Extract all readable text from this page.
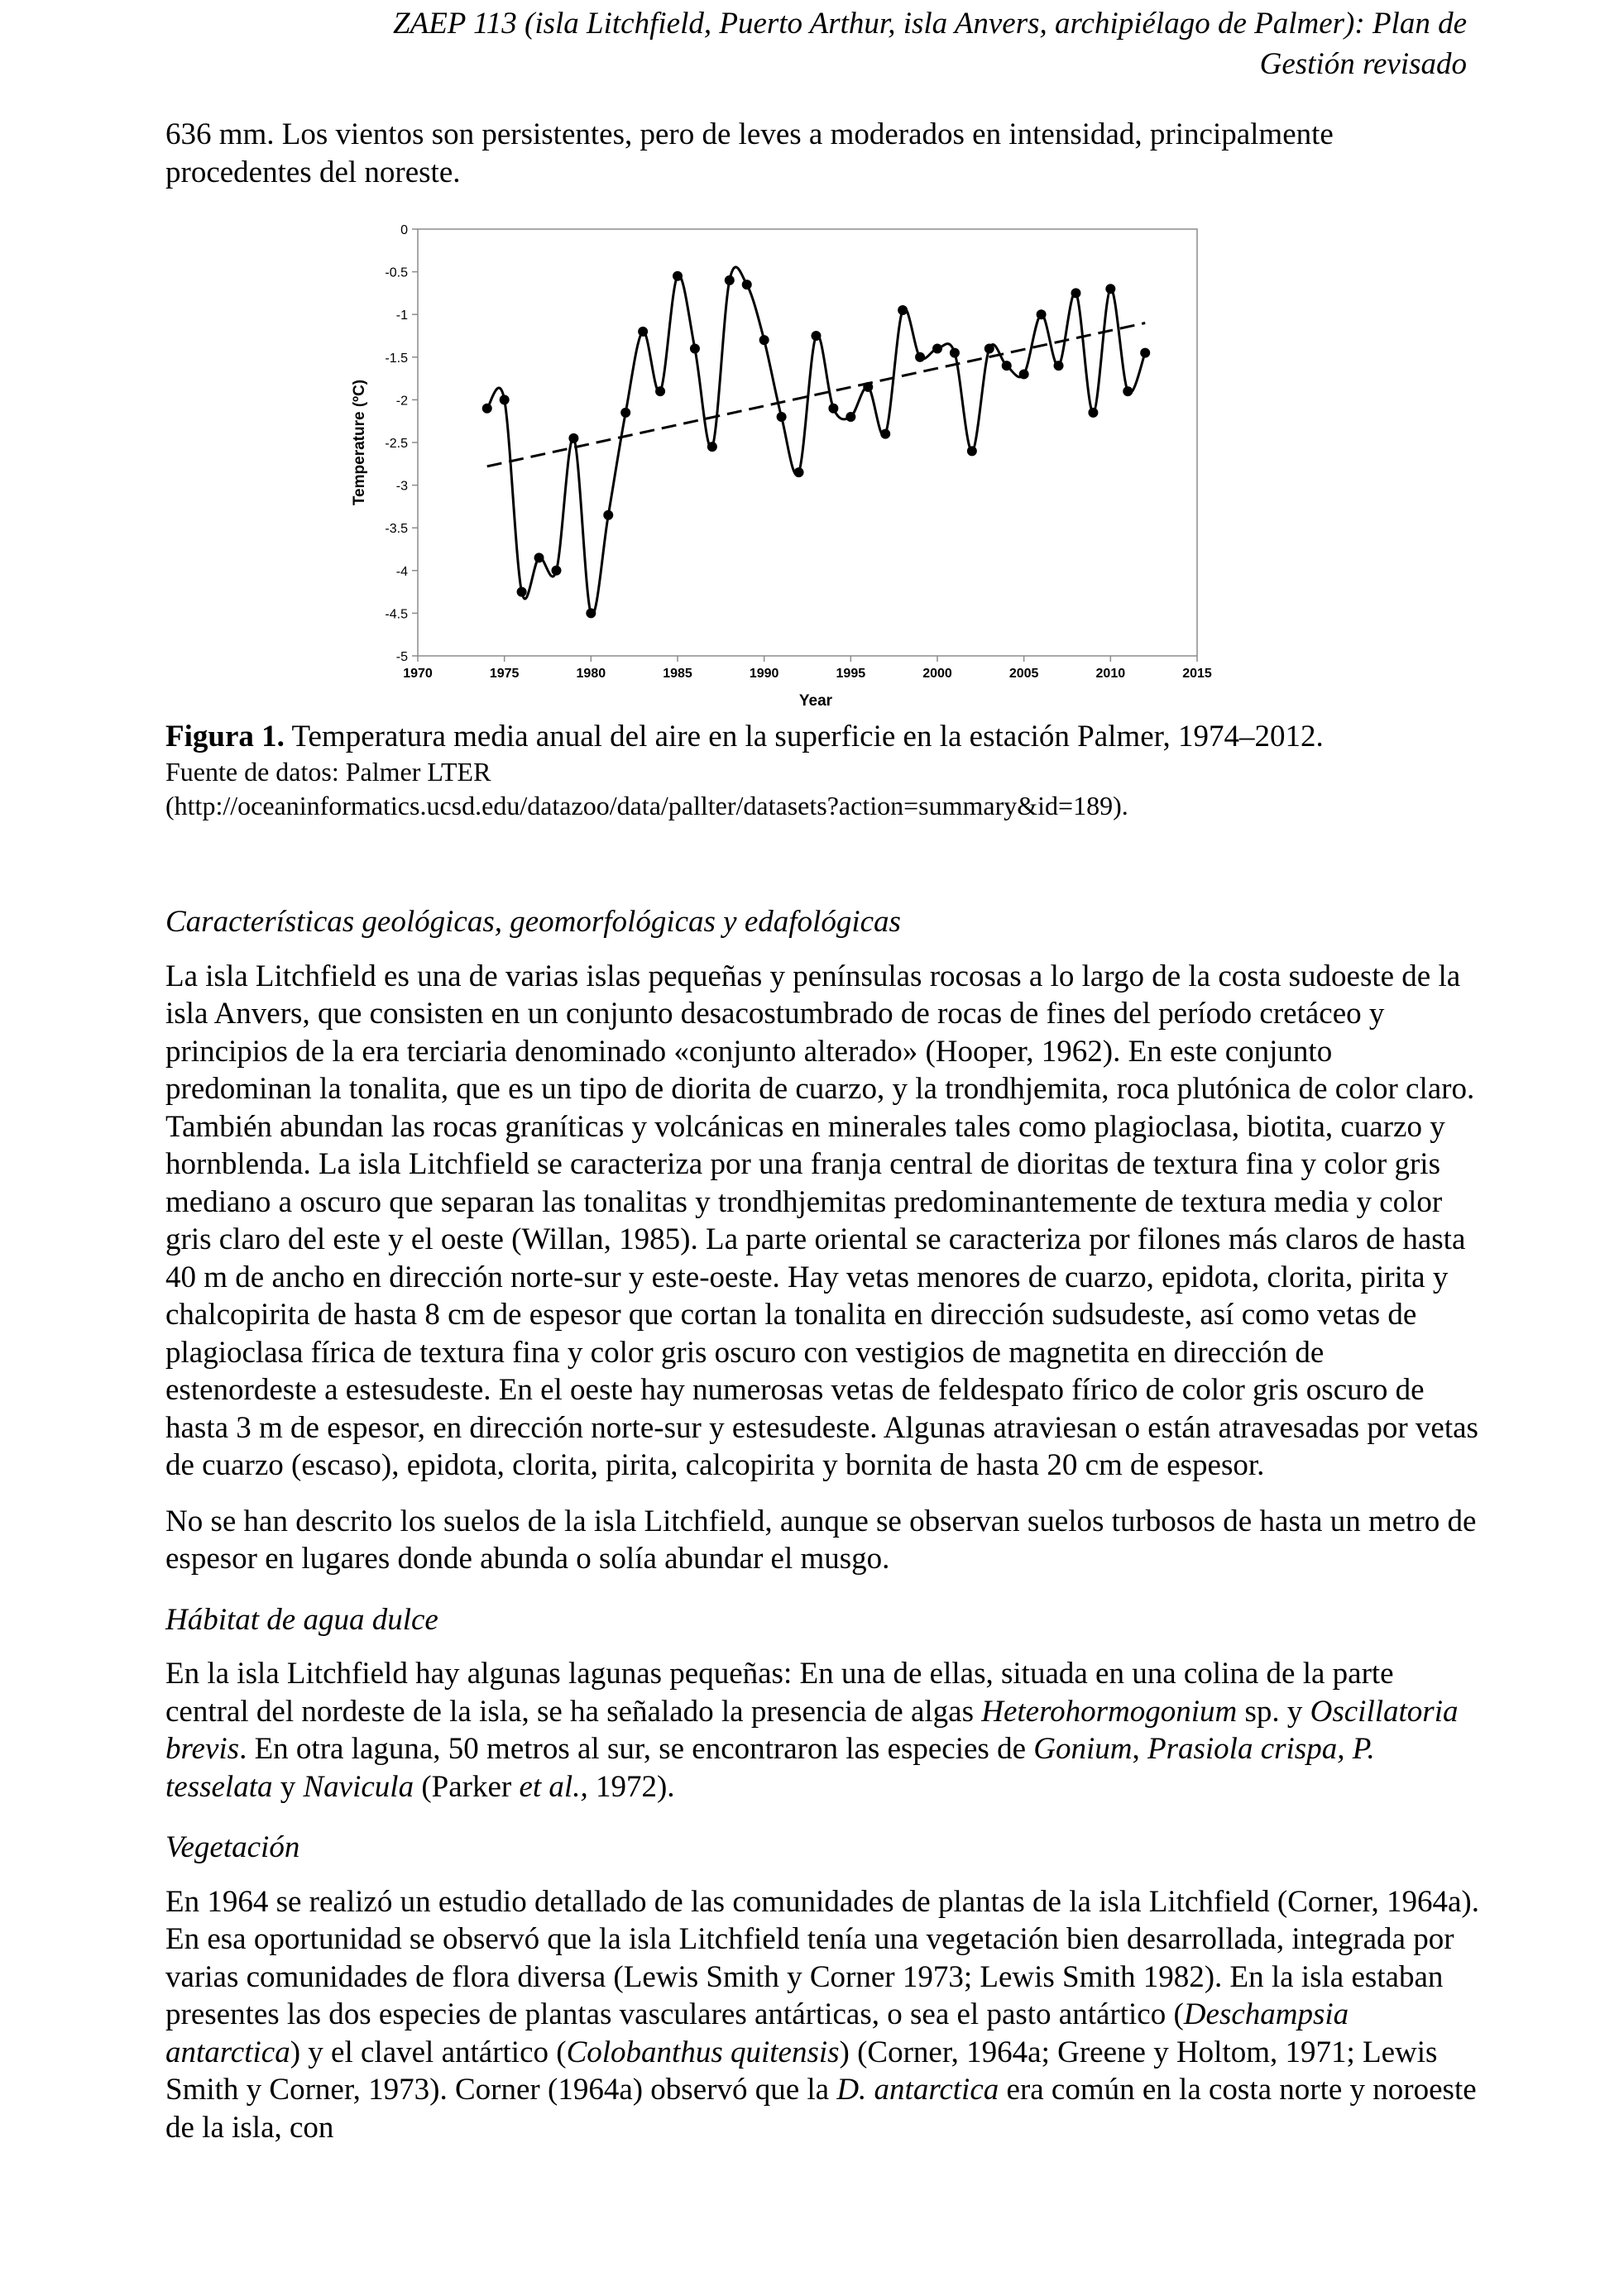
ZAEP 113 (isla Litchfield, Puerto Arthur, isla Anvers, archipiélago de Palmer): Plan de
Gestión revisado
636 mm. Los vientos son persistentes, pero de leves a moderados en intensidad, principalmente procedentes del noreste.
0
-0.5
-1
-1.5
-2
-2.5
-3
-3.5
-4
-4.5
-5
1970	1975	1980	1985	1990	1995	2000	2005	2010	2015
Year
Temperature (ºC)
Figura 1. Temperatura media anual del aire en la superficie en la estación Palmer, 1974–2012.
Fuente de datos: Palmer LTER
(http://oceaninformatics.ucsd.edu/datazoo/data/pallter/datasets?action=summary&id=189).
Características geológicas, geomorfológicas y edafológicas

La isla Litchfield es una de varias islas pequeñas y penínsulas rocosas a lo largo de la costa sudoeste de la isla Anvers, que consisten en un conjunto desacostumbrado de rocas de fines del período cretáceo y principios de la era terciaria denominado «conjunto alterado» (Hooper, 1962). En este conjunto predominan la tonalita, que es un tipo de diorita de cuarzo, y la trondhjemita, roca plutónica de color claro. También abundan las rocas graníticas y volcánicas en minerales tales como plagioclasa, biotita, cuarzo y hornblenda. La isla Litchfield se caracteriza por una franja central de dioritas de textura fina y color gris mediano a oscuro que separan las tonalitas y trondhjemitas predominantemente de textura media y color gris claro del este y el oeste (Willan, 1985). La parte oriental se caracteriza por filones más claros de hasta 40 m de ancho en dirección norte-sur y este-oeste. Hay vetas menores de cuarzo, epidota, clorita, pirita y chalcopirita de hasta 8 cm de espesor que cortan la tonalita en dirección sudsudeste, así como vetas de plagioclasa fírica de textura fina y color gris oscuro con vestigios de magnetita en dirección de estenordeste a estesudeste. En el oeste hay numerosas vetas de feldespato fírico de color gris oscuro de hasta 3 m de espesor, en dirección norte-sur y estesudeste. Algunas atraviesan o están atravesadas por vetas de cuarzo (escaso), epidota, clorita, pirita, calcopirita y bornita de hasta 20 cm de espesor.

No se han descrito los suelos de la isla Litchfield, aunque se observan suelos turbosos de hasta un metro de espesor en lugares donde abunda o solía abundar el musgo.

Hábitat de agua dulce

En la isla Litchfield hay algunas lagunas pequeñas: En una de ellas, situada en una colina de la parte central del nordeste de la isla, se ha señalado la presencia de algas Heterohormogonium sp. y Oscillatoria brevis. En otra laguna, 50 metros al sur, se encontraron las especies de Gonium, Prasiola crispa, P. tesselata y Navicula (Parker et al., 1972).

Vegetación

En 1964 se realizó un estudio detallado de las comunidades de plantas de la isla Litchfield (Corner, 1964a). En esa oportunidad se observó que la isla Litchfield tenía una vegetación bien desarrollada, integrada por varias comunidades de flora diversa (Lewis Smith y Corner 1973; Lewis Smith 1982). En la isla estaban presentes las dos especies de plantas vasculares antárticas, o sea el pasto antártico (Deschampsia antarctica) y el clavel antártico (Colobanthus quitensis) (Corner, 1964a; Greene y Holtom, 1971; Lewis Smith y Corner, 1973). Corner (1964a) observó que la D. antarctica era común en la costa norte y noroeste de la isla, con
